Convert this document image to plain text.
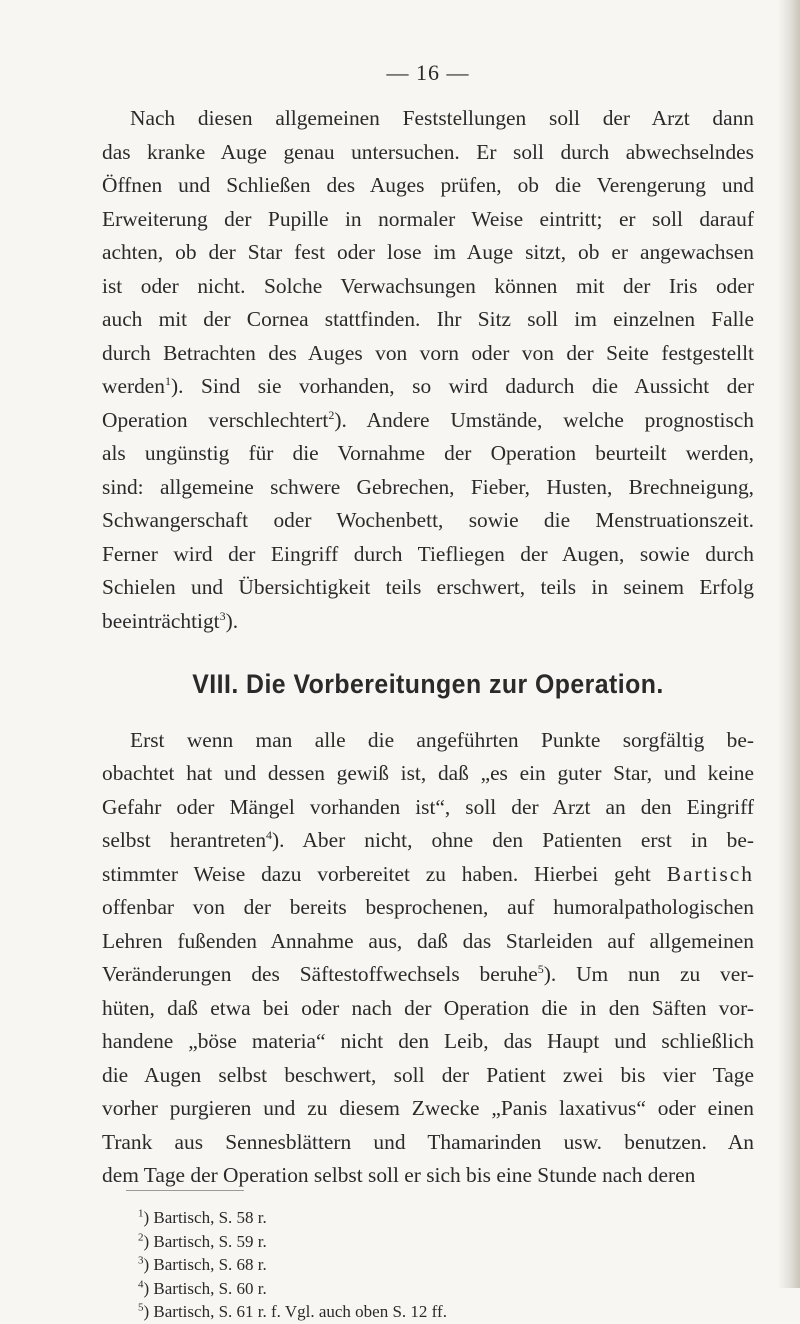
— 16 —

Nach diesen allgemeinen Feststellungen soll der Arzt dann
das kranke Auge genau untersuchen. Er soll durch abwechselndes
Öffnen und Schließen des Auges prüfen, ob die Verengerung und
Erweiterung der Pupille in normaler Weise eintritt; er soll darauf
achten, ob der Star fest oder lose im Auge sitzt, ob er angewachsen
ist oder nicht. Solche Verwachsungen können mit der Iris oder
auch mit der Cornea stattfinden. Ihr Sitz soll im einzelnen Falle
durch Betrachten des Auges von vorn oder von der Seite festgestellt
werden$^1$). Sind sie vorhanden, so wird dadurch die Aussicht der
Operation verschlechtert$^2$). Andere Umstände, welche prognostisch
als ungünstig für die Vornahme der Operation beurteilt werden,
sind: allgemeine schwere Gebrechen, Fieber, Husten, Brechneigung,
Schwangerschaft oder Wochenbett, sowie die Menstruationszeit.
Ferner wird der Eingriff durch Tiefliegen der Augen, sowie durch
Schielen und Übersichtigkeit teils erschwert, teils in seinem Erfolg
beeinträchtigt$^3$).

VIII. Die Vorbereitungen zur Operation.

Erst wenn man alle die angeführten Punkte sorgfältig be-
obachtet hat und dessen gewiß ist, daß „es ein guter Star, und keine
Gefahr oder Mängel vorhanden ist“, soll der Arzt an den Eingriff
selbst herantreten$^4$). Aber nicht, ohne den Patienten erst in be-
stimmter Weise dazu vorbereitet zu haben. Hierbei geht Bartisch
offenbar von der bereits besprochenen, auf humoralpathologischen
Lehren fußenden Annahme aus, daß das Starleiden auf allgemeinen
Veränderungen des Säftestoffwechsels beruhe$^5$). Um nun zu ver-
hüten, daß etwa bei oder nach der Operation die in den Säften vor-
handene „böse materia“ nicht den Leib, das Haupt und schließlich
die Augen selbst beschwert, soll der Patient zwei bis vier Tage
vorher purgieren und zu diesem Zwecke „Panis laxativus“ oder einen
Trank aus Sennesblättern und Thamarinden usw. benutzen. An
dem Tage der Operation selbst soll er sich bis eine Stunde nach deren

$^1$) Bartisch, S. 58 r.
$^2$) Bartisch, S. 59 r.
$^3$) Bartisch, S. 68 r.
$^4$) Bartisch, S. 60 r.
$^5$) Bartisch, S. 61 r. f. Vgl. auch oben S. 12 ff.
